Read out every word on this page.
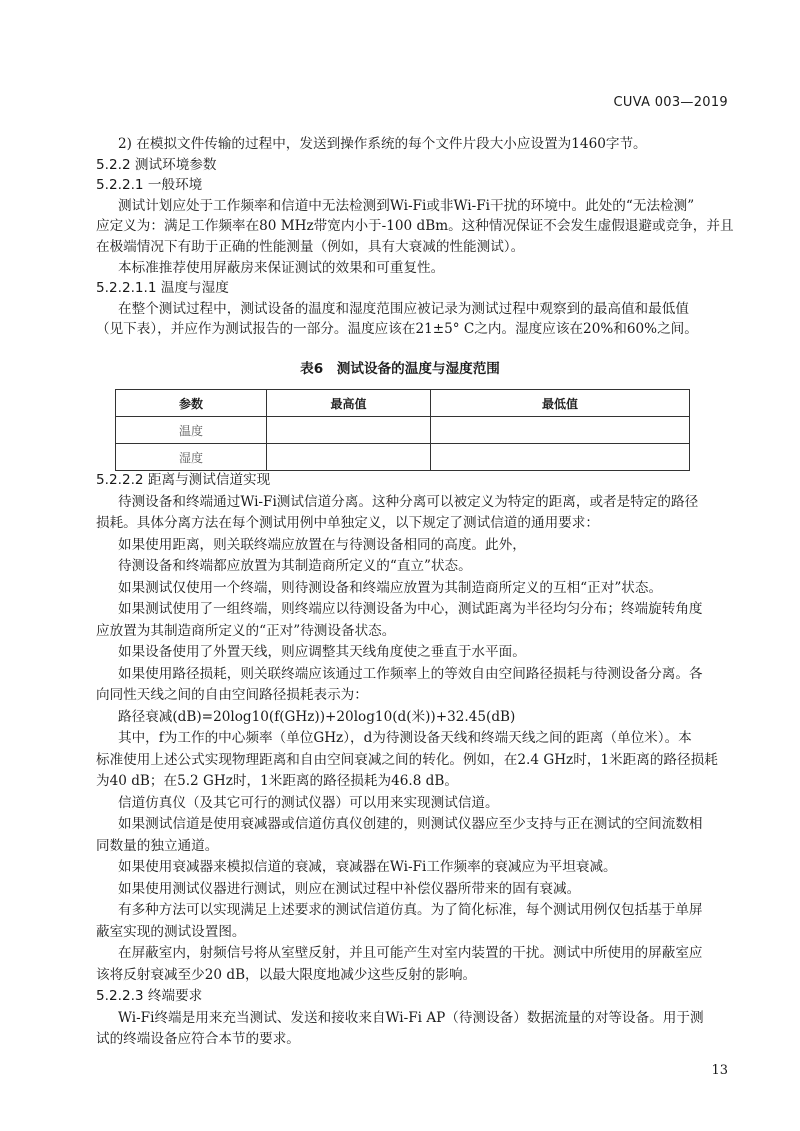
CUVA 003—2019
2) 在模拟文件传输的过程中，发送到操作系统的每个文件片段大小应设置为1460字节。
5.2.2 测试环境参数
5.2.2.1 一般环境
测试计划应处于工作频率和信道中无法检测到Wi-Fi或非Wi-Fi干扰的环境中。此处的“无法检测”
应定义为：满足工作频率在80 MHz带宽内小于-100 dBm。这种情况保证不会发生虚假退避或竞争，并且
在极端情况下有助于正确的性能测量（例如，具有大衰减的性能测试）。
本标准推荐使用屏蔽房来保证测试的效果和可重复性。
5.2.2.1.1 温度与湿度
在整个测试过程中，测试设备的温度和湿度范围应被记录为测试过程中观察到的最高值和最低值
（见下表），并应作为测试报告的一部分。温度应该在21±5° C之内。湿度应该在20%和60%之间。
表6　测试设备的温度与湿度范围
参数	最高值	最低值
温度		
湿度		
5.2.2.2 距离与测试信道实现
待测设备和终端通过Wi-Fi测试信道分离。这种分离可以被定义为特定的距离，或者是特定的路径
损耗。具体分离方法在每个测试用例中单独定义，以下规定了测试信道的通用要求：
如果使用距离，则关联终端应放置在与待测设备相同的高度。此外，
待测设备和终端都应放置为其制造商所定义的“直立”状态。
如果测试仅使用一个终端，则待测设备和终端应放置为其制造商所定义的互相“正对”状态。
如果测试使用了一组终端，则终端应以待测设备为中心，测试距离为半径均匀分布；终端旋转角度
应放置为其制造商所定义的“正对”待测设备状态。
如果设备使用了外置天线，则应调整其天线角度使之垂直于水平面。
如果使用路径损耗，则关联终端应该通过工作频率上的等效自由空间路径损耗与待测设备分离。各
向同性天线之间的自由空间路径损耗表示为：
路径衰减(dB)=20log10(f(GHz))+20log10(d(米))+32.45(dB)
其中，f为工作的中心频率（单位GHz），d为待测设备天线和终端天线之间的距离（单位米）。本
标准使用上述公式实现物理距离和自由空间衰减之间的转化。例如，在2.4 GHz时，1米距离的路径损耗
为40 dB；在5.2 GHz时，1米距离的路径损耗为46.8 dB。
信道仿真仪（及其它可行的测试仪器）可以用来实现测试信道。
如果测试信道是使用衰减器或信道仿真仪创建的，则测试仪器应至少支持与正在测试的空间流数相
同数量的独立通道。
如果使用衰减器来模拟信道的衰减，衰减器在Wi-Fi工作频率的衰减应为平坦衰减。
如果使用测试仪器进行测试，则应在测试过程中补偿仪器所带来的固有衰减。
有多种方法可以实现满足上述要求的测试信道仿真。为了简化标准，每个测试用例仅包括基于单屏
蔽室实现的测试设置图。
在屏蔽室内，射频信号将从室壁反射，并且可能产生对室内装置的干扰。测试中所使用的屏蔽室应
该将反射衰减至少20 dB，以最大限度地减少这些反射的影响。
5.2.2.3 终端要求
Wi-Fi终端是用来充当测试、发送和接收来自Wi-Fi AP（待测设备）数据流量的对等设备。用于测
试的终端设备应符合本节的要求。
13
